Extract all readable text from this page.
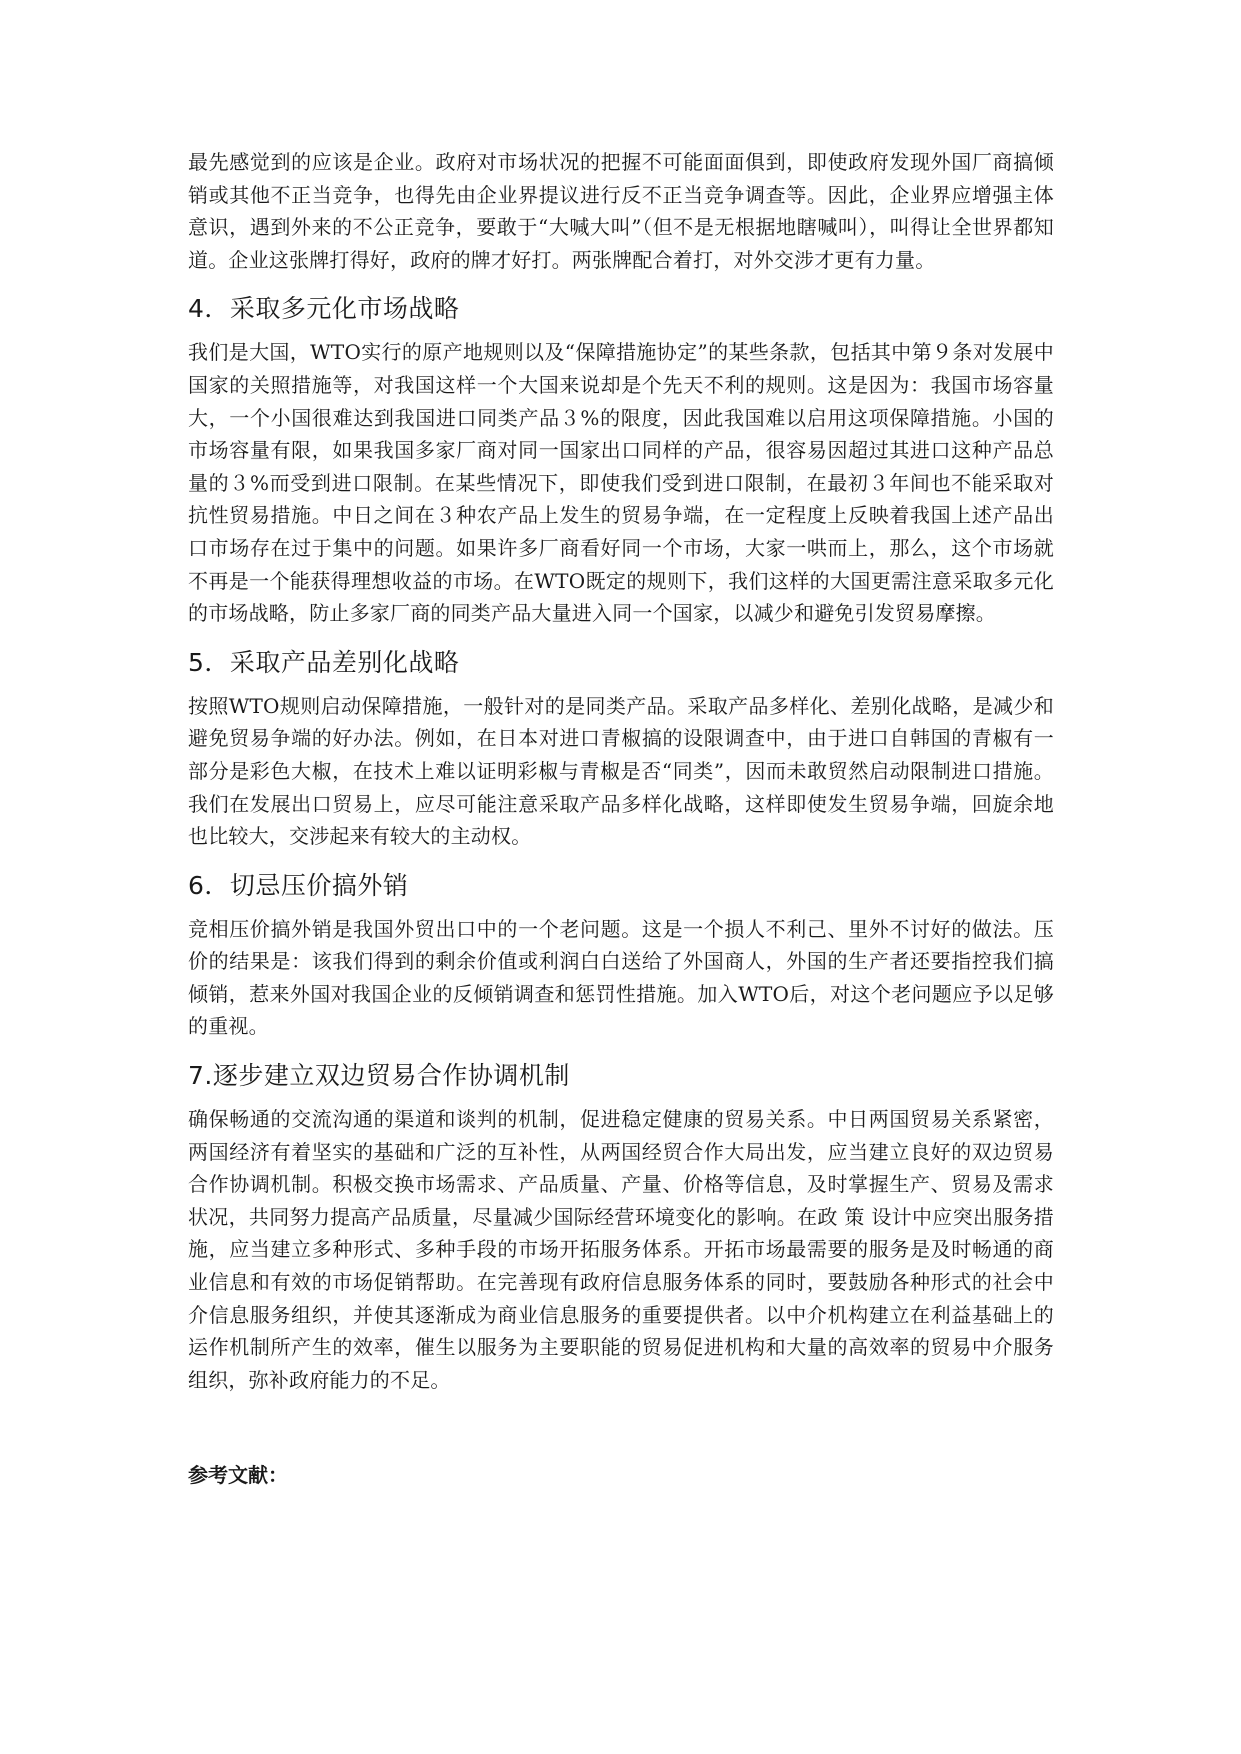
最先感觉到的应该是企业。政府对市场状况的把握不可能面面俱到，即使政府发现外国厂商搞倾销或其他不正当竞争，也得先由企业界提议进行反不正当竞争调查等。因此，企业界应增强主体意识，遇到外来的不公正竞争，要敢于“大喊大叫”（但不是无根据地瞎喊叫），叫得让全世界都知道。企业这张牌打得好，政府的牌才好打。两张牌配合着打，对外交涉才更有力量。

4．采取多元化市场战略

我们是大国，WTO实行的原产地规则以及“保障措施协定”的某些条款，包括其中第９条对发展中国家的关照措施等，对我国这样一个大国来说却是个先天不利的规则。这是因为：我国市场容量大，一个小国很难达到我国进口同类产品３%的限度，因此我国难以启用这项保障措施。小国的市场容量有限，如果我国多家厂商对同一国家出口同样的产品，很容易因超过其进口这种产品总量的３%而受到进口限制。在某些情况下，即使我们受到进口限制，在最初３年间也不能采取对抗性贸易措施。中日之间在３种农产品上发生的贸易争端，在一定程度上反映着我国上述产品出口市场存在过于集中的问题。如果许多厂商看好同一个市场，大家一哄而上，那么，这个市场就不再是一个能获得理想收益的市场。在WTO既定的规则下，我们这样的大国更需注意采取多元化的市场战略，防止多家厂商的同类产品大量进入同一个国家，以减少和避免引发贸易摩擦。

5．采取产品差别化战略

按照WTO规则启动保障措施，一般针对的是同类产品。采取产品多样化、差别化战略，是减少和避免贸易争端的好办法。例如，在日本对进口青椒搞的设限调查中，由于进口自韩国的青椒有一部分是彩色大椒，在技术上难以证明彩椒与青椒是否“同类”，因而未敢贸然启动限制进口措施。我们在发展出口贸易上，应尽可能注意采取产品多样化战略，这样即使发生贸易争端，回旋余地也比较大，交涉起来有较大的主动权。

6．切忌压价搞外销

竞相压价搞外销是我国外贸出口中的一个老问题。这是一个损人不利己、里外不讨好的做法。压价的结果是：该我们得到的剩余价值或利润白白送给了外国商人，外国的生产者还要指控我们搞倾销，惹来外国对我国企业的反倾销调查和惩罚性措施。加入WTO后，对这个老问题应予以足够的重视。

7.逐步建立双边贸易合作协调机制

确保畅通的交流沟通的渠道和谈判的机制，促进稳定健康的贸易关系。中日两国贸易关系紧密，两国经济有着坚实的基础和广泛的互补性，从两国经贸合作大局出发，应当建立良好的双边贸易合作协调机制。积极交换市场需求、产品质量、产量、价格等信息，及时掌握生产、贸易及需求状况，共同努力提高产品质量，尽量减少国际经营环境变化的影响。在政 策 设计中应突出服务措施，应当建立多种形式、多种手段的市场开拓服务体系。开拓市场最需要的服务是及时畅通的商业信息和有效的市场促销帮助。在完善现有政府信息服务体系的同时，要鼓励各种形式的社会中介信息服务组织，并使其逐渐成为商业信息服务的重要提供者。以中介机构建立在利益基础上的运作机制所产生的效率，催生以服务为主要职能的贸易促进机构和大量的高效率的贸易中介服务组织，弥补政府能力的不足。

参考文献：
